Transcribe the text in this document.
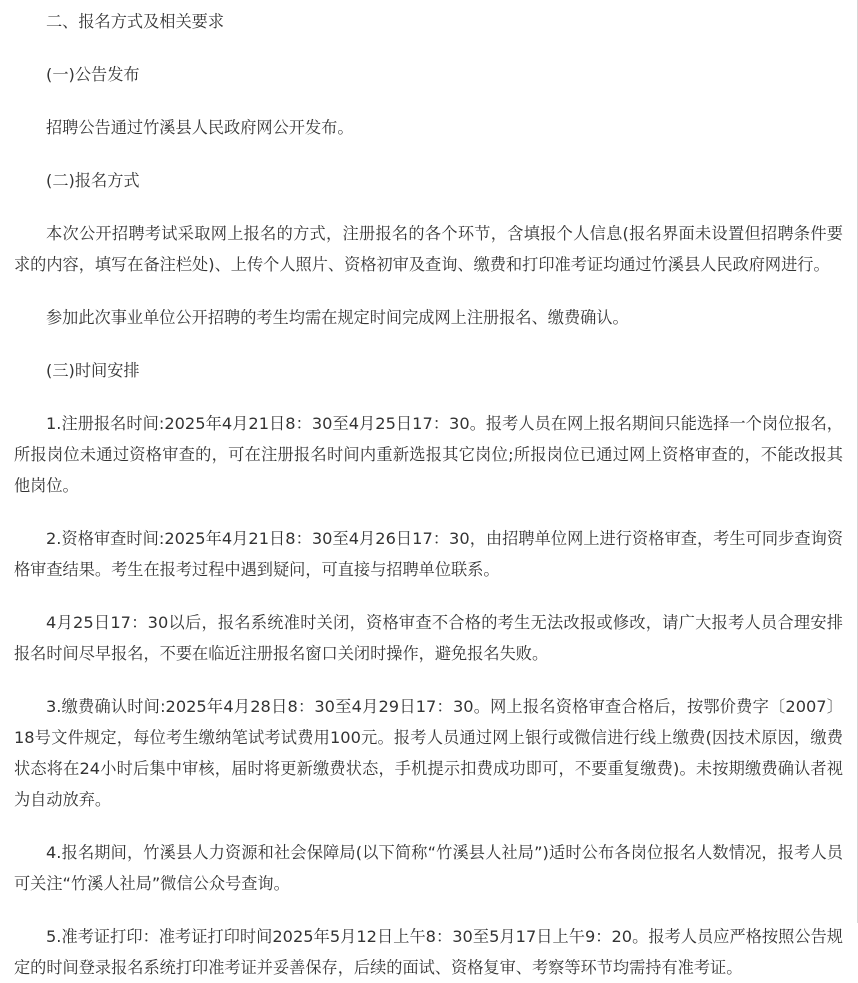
二、报名方式及相关要求

(一)公告发布

招聘公告通过竹溪县人民政府网公开发布。

(二)报名方式

本次公开招聘考试采取网上报名的方式，注册报名的各个环节，含填报个人信息(报名界面未设置但招聘条件要求的内容，填写在备注栏处)、上传个人照片、资格初审及查询、缴费和打印准考证均通过竹溪县人民政府网进行。

参加此次事业单位公开招聘的考生均需在规定时间完成网上注册报名、缴费确认。

(三)时间安排

1.注册报名时间:2025年4月21日8：30至4月25日17：30。报考人员在网上报名期间只能选择一个岗位报名，所报岗位未通过资格审查的，可在注册报名时间内重新选报其它岗位;所报岗位已通过网上资格审查的，不能改报其他岗位。

2.资格审查时间:2025年4月21日8：30至4月26日17：30，由招聘单位网上进行资格审查，考生可同步查询资格审查结果。考生在报考过程中遇到疑问，可直接与招聘单位联系。

4月25日17：30以后，报名系统准时关闭，资格审查不合格的考生无法改报或修改，请广大报考人员合理安排报名时间尽早报名，不要在临近注册报名窗口关闭时操作，避免报名失败。

3.缴费确认时间:2025年4月28日8：30至4月29日17：30。网上报名资格审查合格后，按鄂价费字〔2007〕18号文件规定，每位考生缴纳笔试考试费用100元。报考人员通过网上银行或微信进行线上缴费(因技术原因，缴费状态将在24小时后集中审核，届时将更新缴费状态，手机提示扣费成功即可，不要重复缴费)。未按期缴费确认者视为自动放弃。

4.报名期间，竹溪县人力资源和社会保障局(以下简称“竹溪县人社局”)适时公布各岗位报名人数情况，报考人员可关注“竹溪人社局”微信公众号查询。

5.准考证打印：准考证打印时间2025年5月12日上午8：30至5月17日上午9：20。报考人员应严格按照公告规定的时间登录报名系统打印准考证并妥善保存，后续的面试、资格复审、考察等环节均需持有准考证。
